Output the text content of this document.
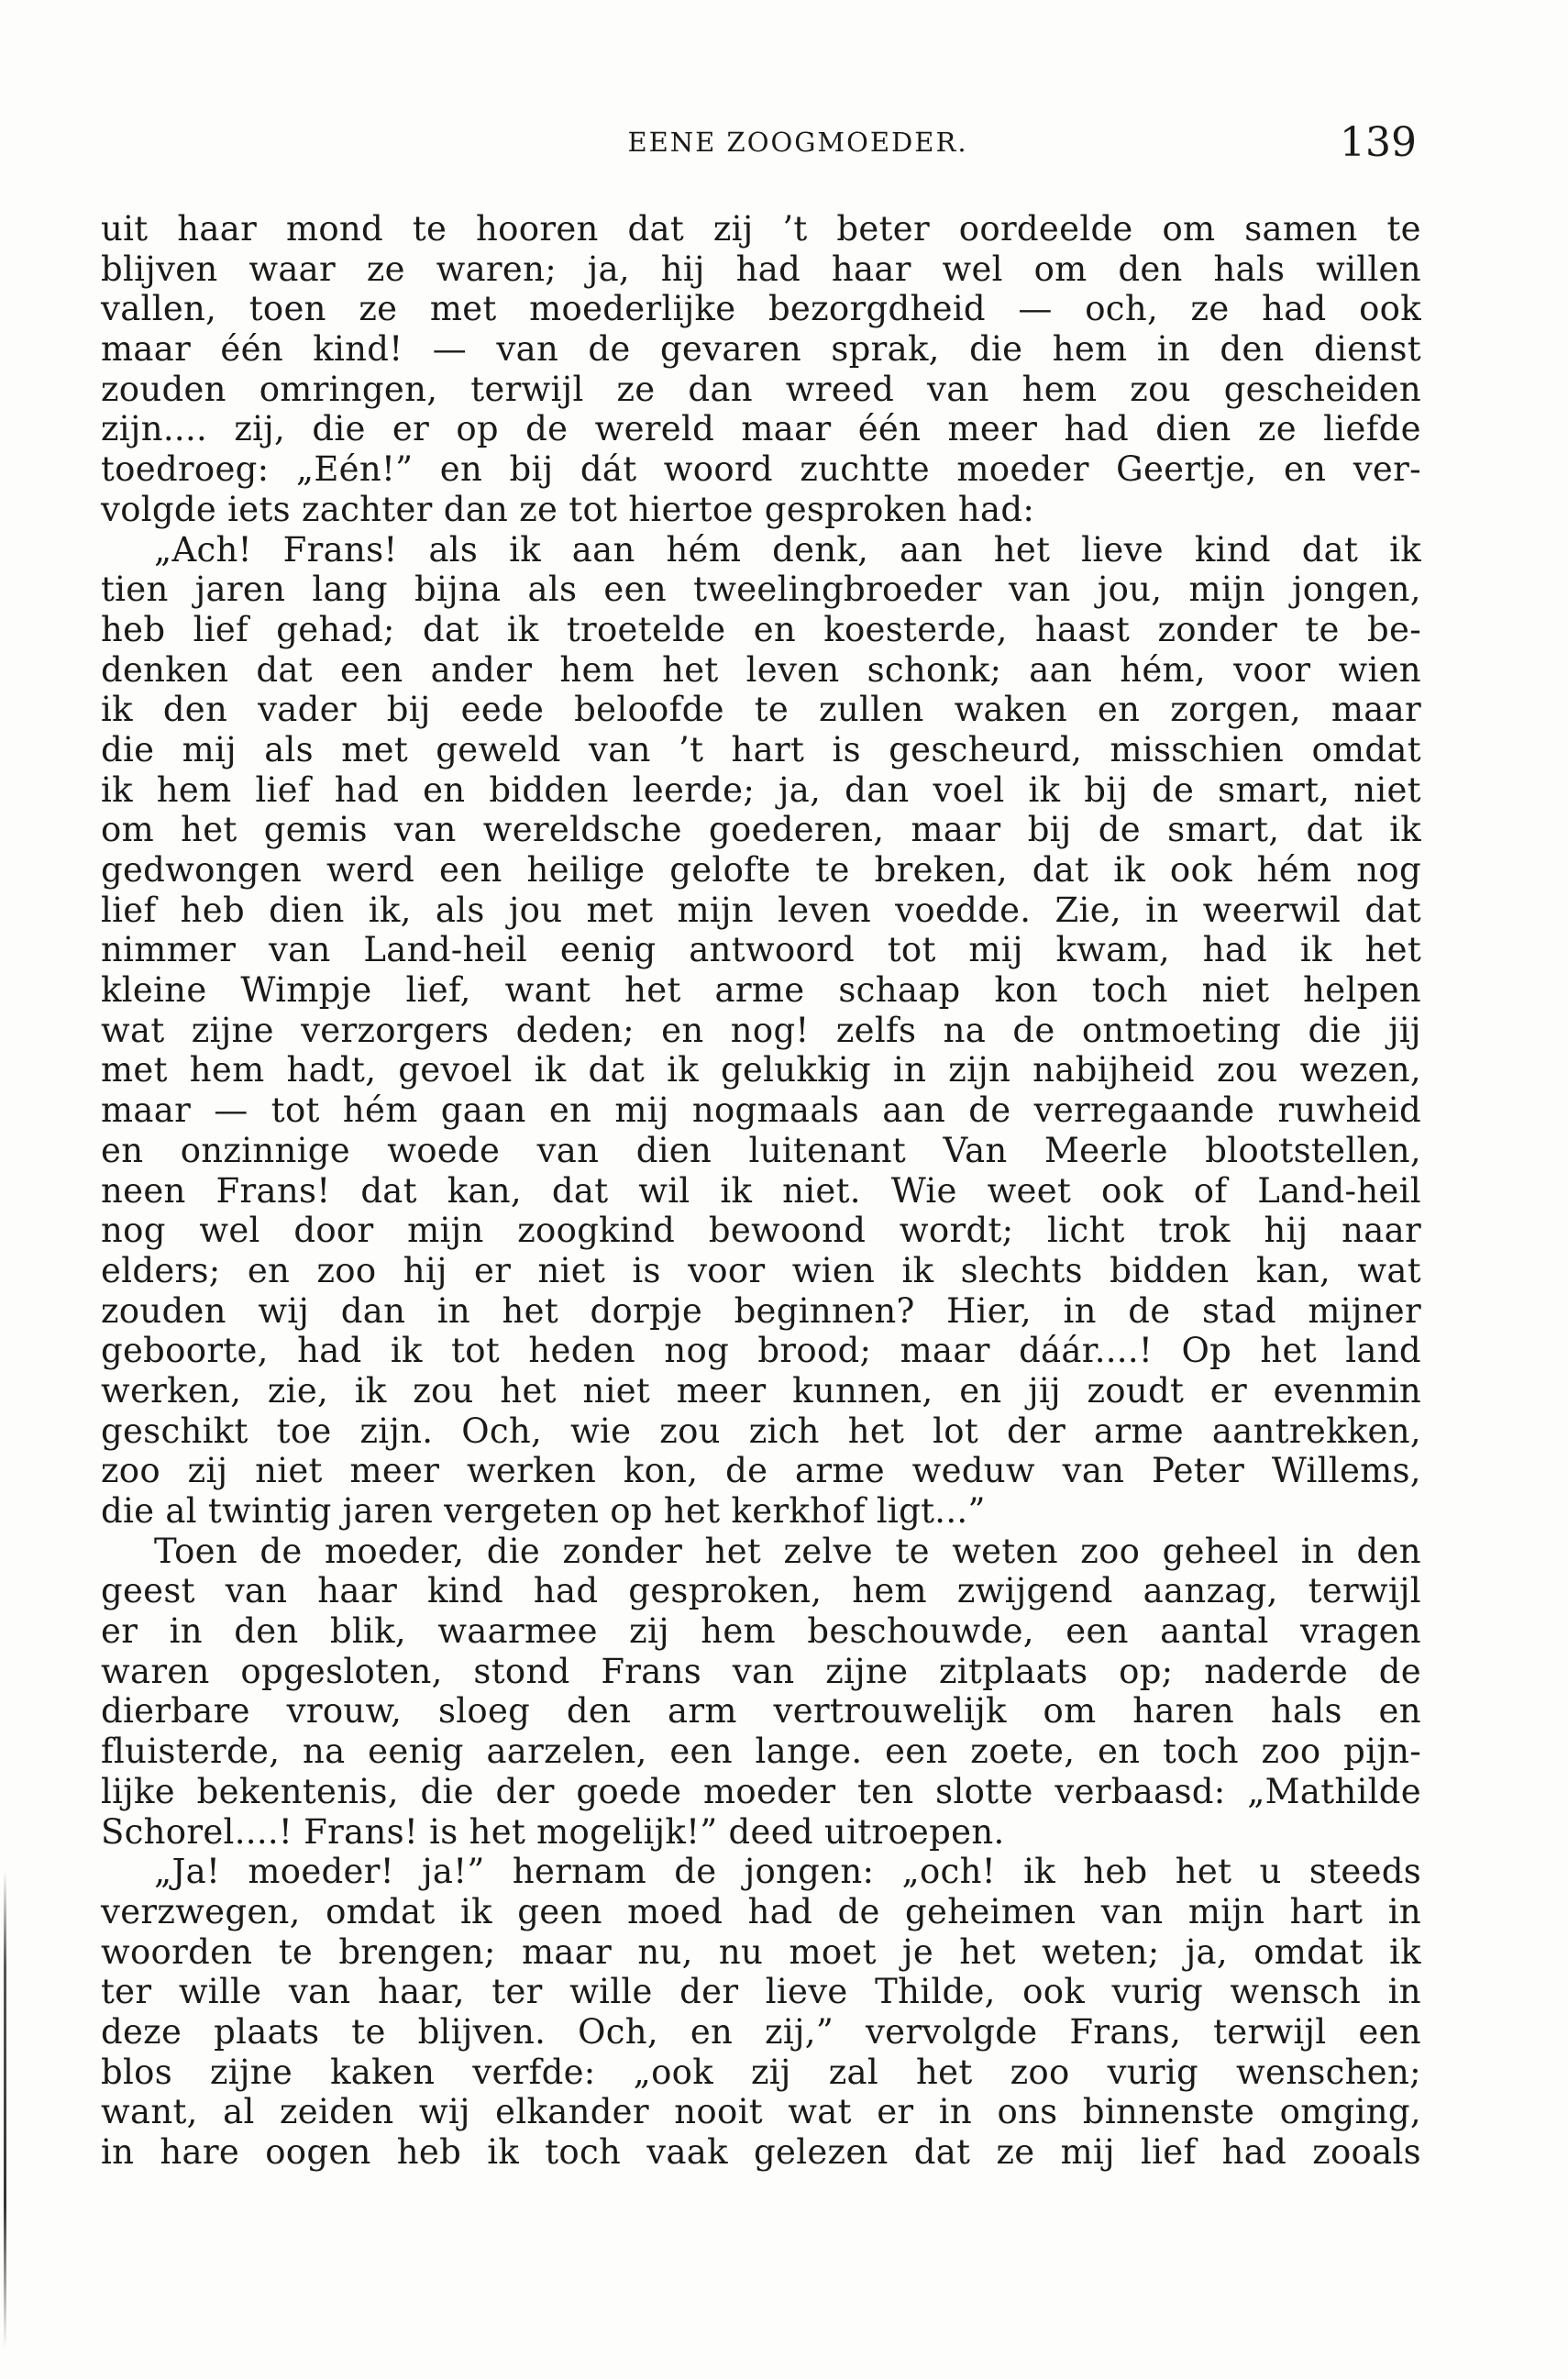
EENE ZOOGMOEDER.	139
uit haar mond te hooren dat zij ’t beter oordeelde om samen te
blijven waar ze waren; ja, hij had haar wel om den hals willen
vallen, toen ze met moederlijke bezorgdheid — och, ze had ook
maar één kind! — van de gevaren sprak, die hem in den dienst
zouden omringen, terwijl ze dan wreed van hem zou gescheiden
zijn.... zij, die er op de wereld maar één meer had dien ze liefde
toedroeg: „Eén!” en bij dát woord zuchtte moeder Geertje, en ver-
volgde iets zachter dan ze tot hiertoe gesproken had:
„Ach! Frans! als ik aan hém denk, aan het lieve kind dat ik
tien jaren lang bijna als een tweelingbroeder van jou, mijn jongen,
heb lief gehad; dat ik troetelde en koesterde, haast zonder te be-
denken dat een ander hem het leven schonk; aan hém, voor wien
ik den vader bij eede beloofde te zullen waken en zorgen, maar
die mij als met geweld van ’t hart is gescheurd, misschien omdat
ik hem lief had en bidden leerde; ja, dan voel ik bij de smart, niet
om het gemis van wereldsche goederen, maar bij de smart, dat ik
gedwongen werd een heilige gelofte te breken, dat ik ook hém nog
lief heb dien ik, als jou met mijn leven voedde. Zie, in weerwil dat
nimmer van Land-heil eenig antwoord tot mij kwam, had ik het
kleine Wimpje lief, want het arme schaap kon toch niet helpen
wat zijne verzorgers deden; en nog! zelfs na de ontmoeting die jij
met hem hadt, gevoel ik dat ik gelukkig in zijn nabijheid zou wezen,
maar — tot hém gaan en mij nogmaals aan de verregaande ruwheid
en onzinnige woede van dien luitenant Van Meerle blootstellen,
neen Frans! dat kan, dat wil ik niet. Wie weet ook of Land-heil
nog wel door mijn zoogkind bewoond wordt; licht trok hij naar
elders; en zoo hij er niet is voor wien ik slechts bidden kan, wat
zouden wij dan in het dorpje beginnen? Hier, in de stad mijner
geboorte, had ik tot heden nog brood; maar dáár....! Op het land
werken, zie, ik zou het niet meer kunnen, en jij zoudt er evenmin
geschikt toe zijn. Och, wie zou zich het lot der arme aantrekken,
zoo zij niet meer werken kon, de arme weduw van Peter Willems,
die al twintig jaren vergeten op het kerkhof ligt...”
Toen de moeder, die zonder het zelve te weten zoo geheel in den
geest van haar kind had gesproken, hem zwijgend aanzag, terwijl
er in den blik, waarmee zij hem beschouwde, een aantal vragen
waren opgesloten, stond Frans van zijne zitplaats op; naderde de
dierbare vrouw, sloeg den arm vertrouwelijk om haren hals en
fluisterde, na eenig aarzelen, een lange. een zoete, en toch zoo pijn-
lijke bekentenis, die der goede moeder ten slotte verbaasd: „Mathilde
Schorel....! Frans! is het mogelijk!” deed uitroepen.
„Ja! moeder! ja!” hernam de jongen: „och! ik heb het u steeds
verzwegen, omdat ik geen moed had de geheimen van mijn hart in
woorden te brengen; maar nu, nu moet je het weten; ja, omdat ik
ter wille van haar, ter wille der lieve Thilde, ook vurig wensch in
deze plaats te blijven. Och, en zij,” vervolgde Frans, terwijl een
blos zijne kaken verfde: „ook zij zal het zoo vurig wenschen;
want, al zeiden wij elkander nooit wat er in ons binnenste omging,
in hare oogen heb ik toch vaak gelezen dat ze mij lief had zooals
